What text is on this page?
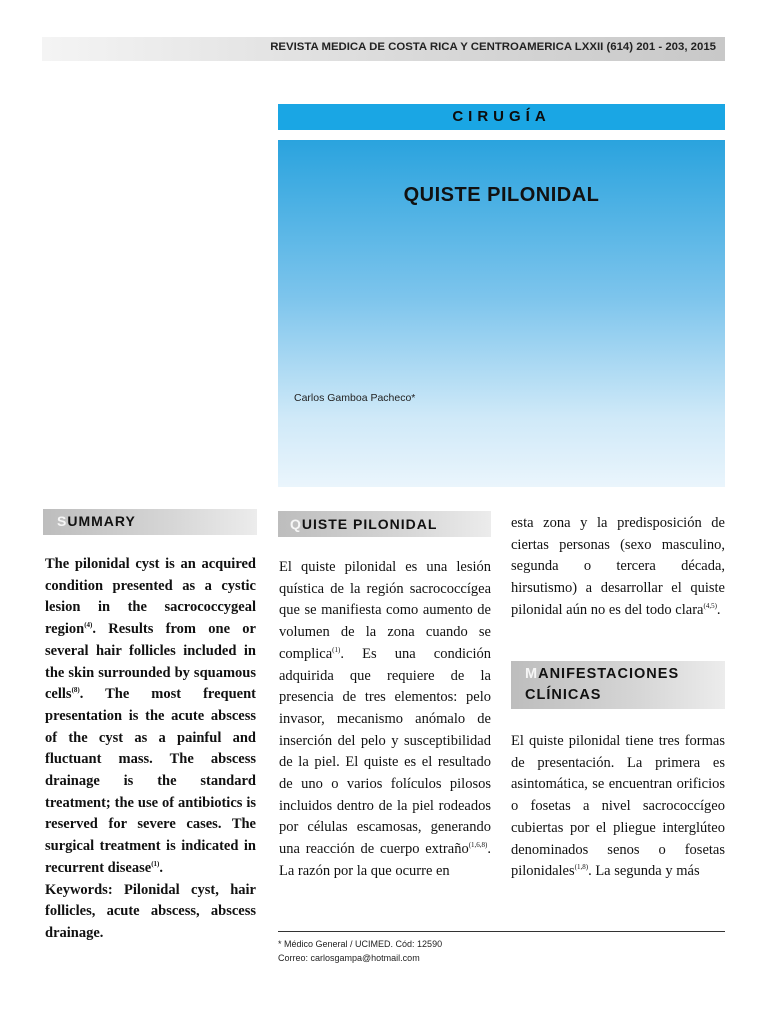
REVISTA MEDICA DE COSTA RICA Y CENTROAMERICA LXXII (614) 201 - 203, 2015
CIRUGÍA
QUISTE PILONIDAL
Carlos Gamboa Pacheco*
SUMMARY

The pilonidal cyst is an acquired condition presented as a cystic lesion in the sacrococcygeal region$^{(4)}$. Results from one or several hair follicles included in the skin surrounded by squamous cells$^{(8)}$. The most frequent presentation is the acute abscess of the cyst as a painful and fluctuant mass. The abscess drainage is the standard treatment; the use of antibiotics is reserved for severe cases. The surgical treatment is indicated in recurrent disease$^{(1)}$.

Keywords: Pilonidal cyst, hair follicles, acute abscess, abscess drainage.

QUISTE PILONIDAL
El quiste pilonidal es una lesión quística de la región sacrococcígea que se manifiesta como aumento de volumen de la zona cuando se complica$^{(1)}$. Es una condición adquirida que requiere de la presencia de tres elementos: pelo invasor, mecanismo anómalo de inserción del pelo y susceptibilidad de la piel. El quiste es el resultado de uno o varios folículos pilosos incluidos dentro de la piel rodeados por células escamosas, generando una reacción de cuerpo extraño$^{(1,6,8)}$. La razón por la que ocurre en
esta zona y la predisposición de ciertas personas (sexo masculino, segunda o tercera década, hirsutismo) a desarrollar el quiste pilonidal aún no es del todo clara$^{(4,5)}$.
MANIFESTACIONES
CLÍNICAS
El quiste pilonidal tiene tres formas de presentación. La primera es asintomática, se encuentran orificios o fosetas a nivel sacrococcígeo cubiertas por el pliegue interglúteo denominados senos o fosetas pilonidales$^{(1,8)}$. La segunda y más
* Médico General / UCIMED. Cód: 12590
Correo: carlosgampa@hotmail.com
